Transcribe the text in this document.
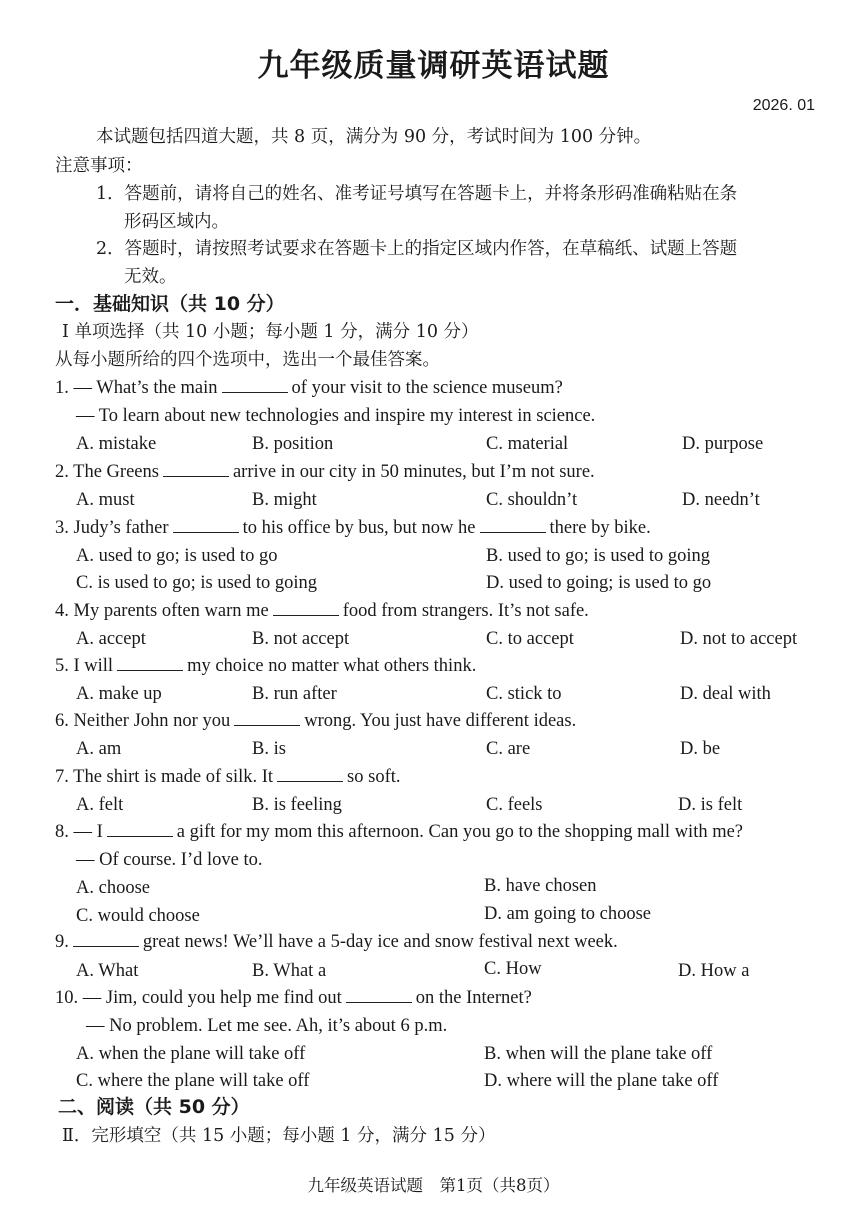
九年级质量调研英语试题
2026. 01
本试题包括四道大题，共 8 页，满分为 90 分，考试时间为 100 分钟。
注意事项：
1．答题前，请将自己的姓名、准考证号填写在答题卡上，并将条形码准确粘贴在条
形码区域内。
2．答题时，请按照考试要求在答题卡上的指定区域内作答，在草稿纸、试题上答题
无效。
一．基础知识（共 10 分）
Ⅰ 单项选择（共 10 小题；每小题 1 分，满分 10 分）
从每小题所给的四个选项中，选出一个最佳答案。
1. — What’s the main	of your visit to the science museum?
— To learn about new technologies and inspire my interest in science.
A. mistake	B. position	C. material	D. purpose
2. The Greens	arrive in our city in 50 minutes, but I’m not sure.
A. must	B. might	C. shouldn’t	D. needn’t
3. Judy’s father	to his office by bus, but now he	there by bike.
A. used to go; is used to go	B. used to go; is used to going
C. is used to go; is used to going	D. used to going; is used to go
4. My parents often warn me	food from strangers. It’s not safe.
A. accept	B. not accept	C. to accept	D. not to accept
5. I will	my choice no matter what others think.
A. make up	B. run after	C. stick to	D. deal with
6. Neither John nor you	wrong. You just have different ideas.
A. am	B. is	C. are	D. be
7. The shirt is made of silk. It	so soft.
A. felt	B. is feeling	C. feels	D. is felt
8. — I	a gift for my mom this afternoon. Can you go to the shopping mall with me?
— Of course. I’d love to.
A. choose	B. have chosen
C. would choose	D. am going to choose
9.	great news! We’ll have a 5-day ice and snow festival next week.
A. What	B. What a	C. How	D. How a
10. — Jim, could you help me find out	on the Internet?
— No problem. Let me see. Ah, it’s about 6 p.m.
A. when the plane will take off	B. when will the plane take off
C. where the plane will take off	D. where will the plane take off
二、阅读（共 50 分）
Ⅱ．完形填空（共 15 小题；每小题 1 分，满分 15 分）
九年级英语试题　第1页（共8页）
